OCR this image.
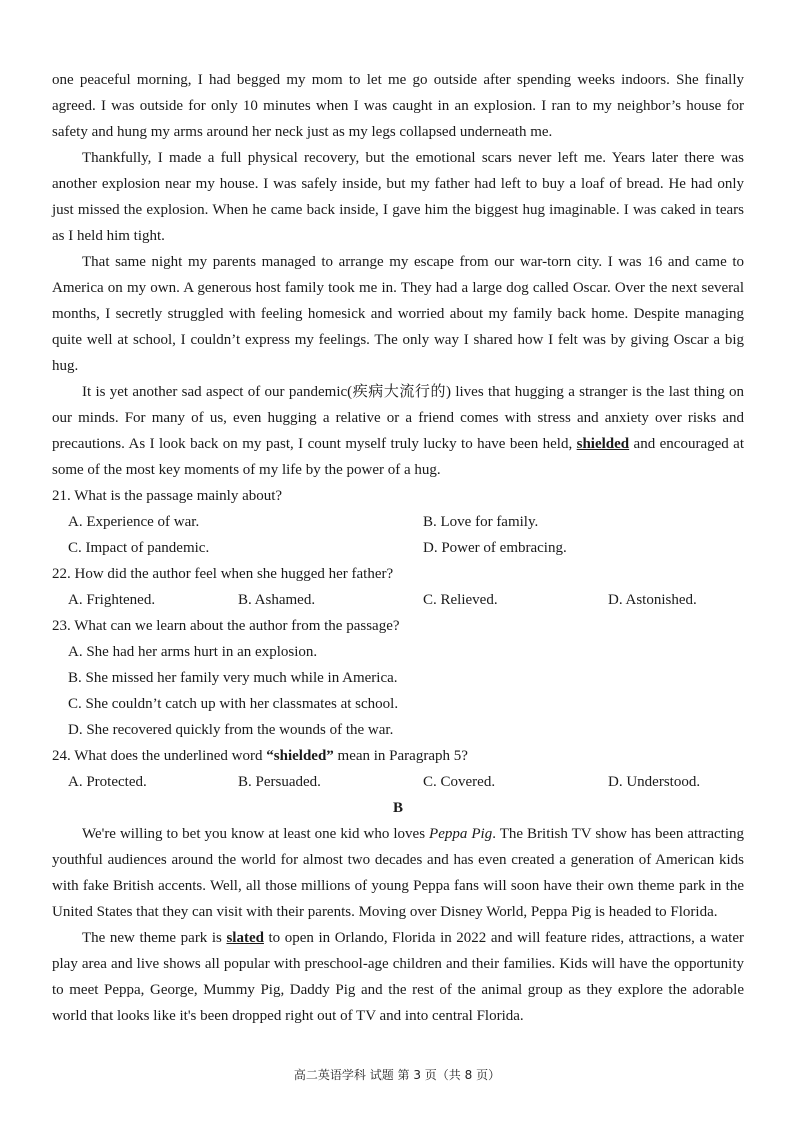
one peaceful morning, I had begged my mom to let me go outside after spending weeks indoors. She finally agreed. I was outside for only 10 minutes when I was caught in an explosion. I ran to my neighbor’s house for safety and hung my arms around her neck just as my legs collapsed underneath me.

Thankfully, I made a full physical recovery, but the emotional scars never left me. Years later there was another explosion near my house. I was safely inside, but my father had left to buy a loaf of bread. He had only just missed the explosion. When he came back inside, I gave him the biggest hug imaginable. I was caked in tears as I held him tight.

That same night my parents managed to arrange my escape from our war-torn city. I was 16 and came to America on my own. A generous host family took me in. They had a large dog called Oscar. Over the next several months, I secretly struggled with feeling homesick and worried about my family back home. Despite managing quite well at school, I couldn’t express my feelings. The only way I shared how I felt was by giving Oscar a big hug.

It is yet another sad aspect of our pandemic(疾病大流行的) lives that hugging a stranger is the last thing on our minds. For many of us, even hugging a relative or a friend comes with stress and anxiety over risks and precautions. As I look back on my past, I count myself truly lucky to have been held, shielded and encouraged at some of the most key moments of my life by the power of a hug.

21. What is the passage mainly about?

A. Experience of war.	B. Love for family.

C. Impact of pandemic.	D. Power of embracing.

22. How did the author feel when she hugged her father?

A. Frightened.	B. Ashamed.	C. Relieved.	D. Astonished.

23. What can we learn about the author from the passage?

A. She had her arms hurt in an explosion.

B. She missed her family very much while in America.

C. She couldn’t catch up with her classmates at school.

D. She recovered quickly from the wounds of the war.

24. What does the underlined word “shielded” mean in Paragraph 5?

A. Protected.	B. Persuaded.	C. Covered.	D. Understood.

B

We're willing to bet you know at least one kid who loves Peppa Pig. The British TV show has been attracting youthful audiences around the world for almost two decades and has even created a generation of American kids with fake British accents. Well, all those millions of young Peppa fans will soon have their own theme park in the United States that they can visit with their parents. Moving over Disney World, Peppa Pig is headed to Florida.

The new theme park is slated to open in Orlando, Florida in 2022 and will feature rides, attractions, a water play area and live shows all popular with preschool-age children and their families. Kids will have the opportunity to meet Peppa, George, Mummy Pig, Daddy Pig and the rest of the animal group as they explore the adorable world that looks like it's been dropped right out of TV and into central Florida.

高二英语学科 试题 第 3 页（共 8 页）
